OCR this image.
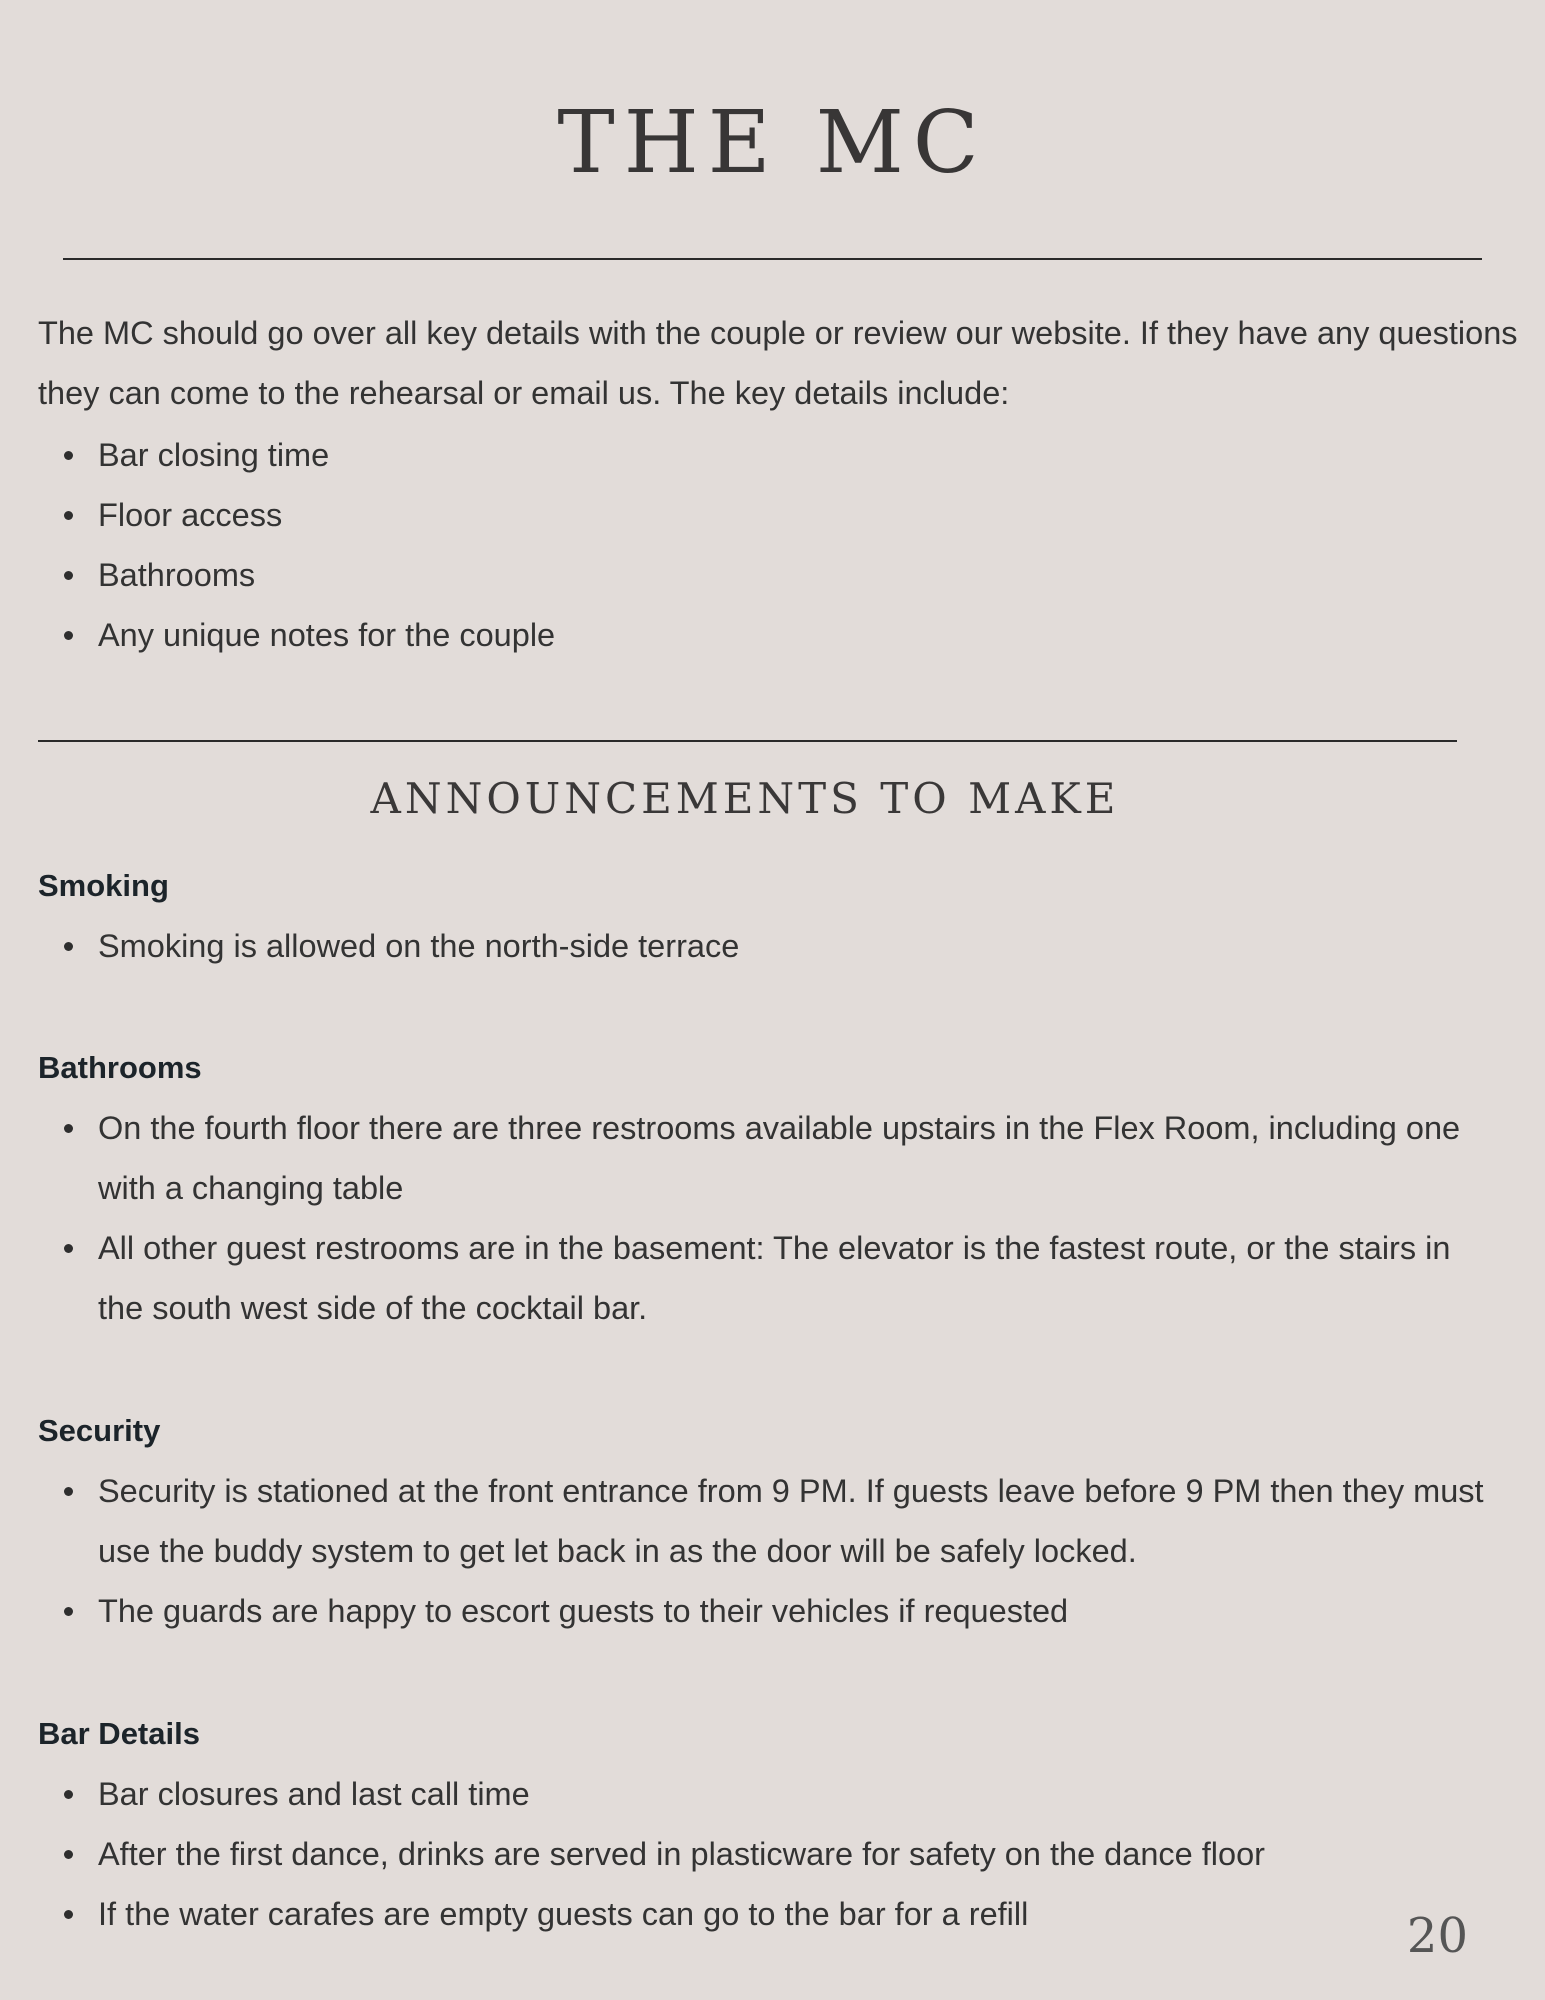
THE MC

The MC should go over all key details with the couple or review our website. If they have any questions they can come to the rehearsal or email us. The key details include:

Bar closing time
Floor access
Bathrooms
Any unique notes for the couple
ANNOUNCEMENTS TO MAKE
Smoking
Smoking is allowed on the north-side terrace
Bathrooms
On the fourth floor there are three restrooms available upstairs in the Flex Room, including one with a changing table
All other guest restrooms are in the basement: The elevator is the fastest route, or the stairs in the south west side of the cocktail bar.
Security
Security is stationed at the front entrance from 9 PM. If guests leave before 9 PM then they must use the buddy system to get let back in as the door will be safely locked.
The guards are happy to escort guests to their vehicles if requested
Bar Details
Bar closures and last call time
After the first dance, drinks are served in plasticware for safety on the dance floor
If the water carafes are empty guests can go to the bar for a refill	20
